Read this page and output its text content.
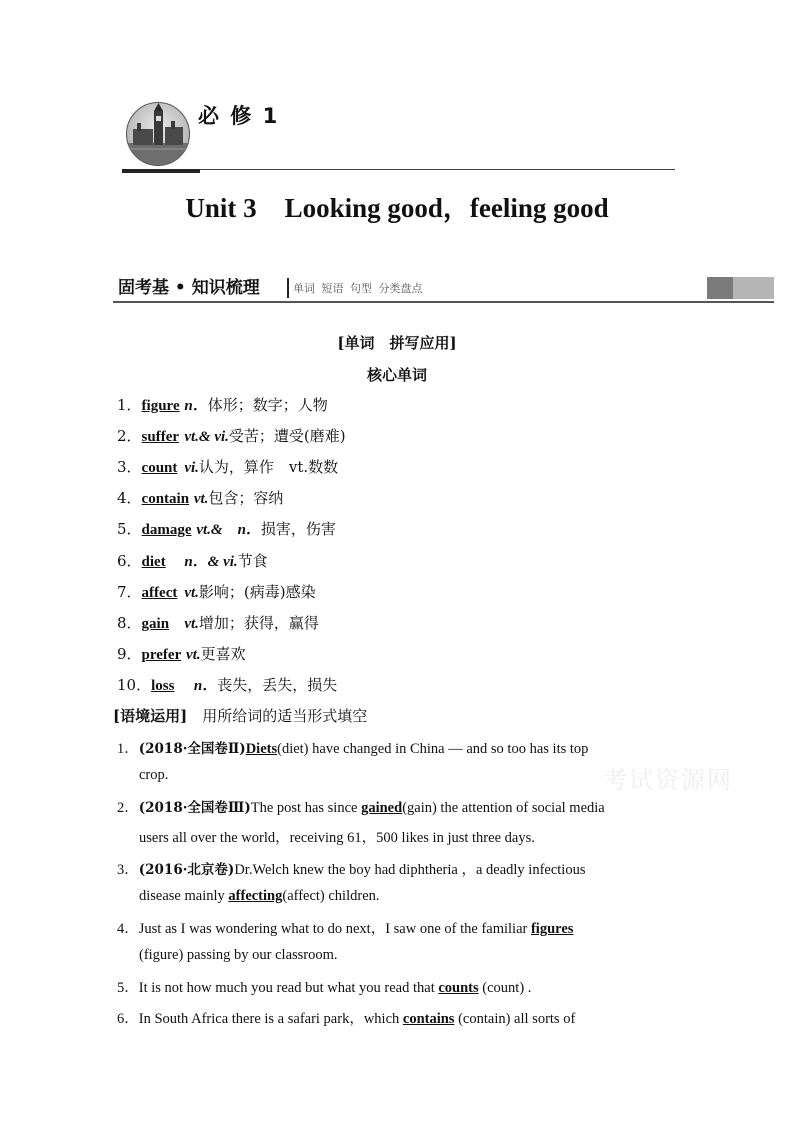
必 修 1
Unit 3 Looking good，feeling good
固考基 • 知识梳理	单词 短语 句型 分类盘点
[单词　拼写应用]
核心单词
1．figure n．体形；数字；人物
2．suffer vt.& vi.受苦；遭受(磨难)
3．count vi.认为，算作　vt.数数
4．contain vt.包含；容纳
5．damage vt.&　n．损害，伤害
6．diet n．& vi.节食
7．affect vt.影响；(病毒)感染
8．gain vt.增加；获得，赢得
9．prefer vt.更喜欢
10．loss n．丧失，丢失，损失
[语境运用]　 用所给词的适当形式填空
1．(2018·全国卷Ⅱ)Diets(diet) have changed in China — and so too has its top
crop.
2．(2018·全国卷Ⅲ)The post has since gained(gain) the attention of social media
users all over the world，receiving 61，500 likes in just three days.
3．(2016·北京卷)Dr.Welch knew the boy had diphtheria ，a deadly infectious
disease mainly affecting(affect) children.
4．Just as I was wondering what to do next，I saw one of the familiar figures
(figure) passing by our classroom.
5．It is not how much you read but what you read that counts (count) .
6．In South Africa there is a safari park，which contains (contain) all sorts of
考试资源网
